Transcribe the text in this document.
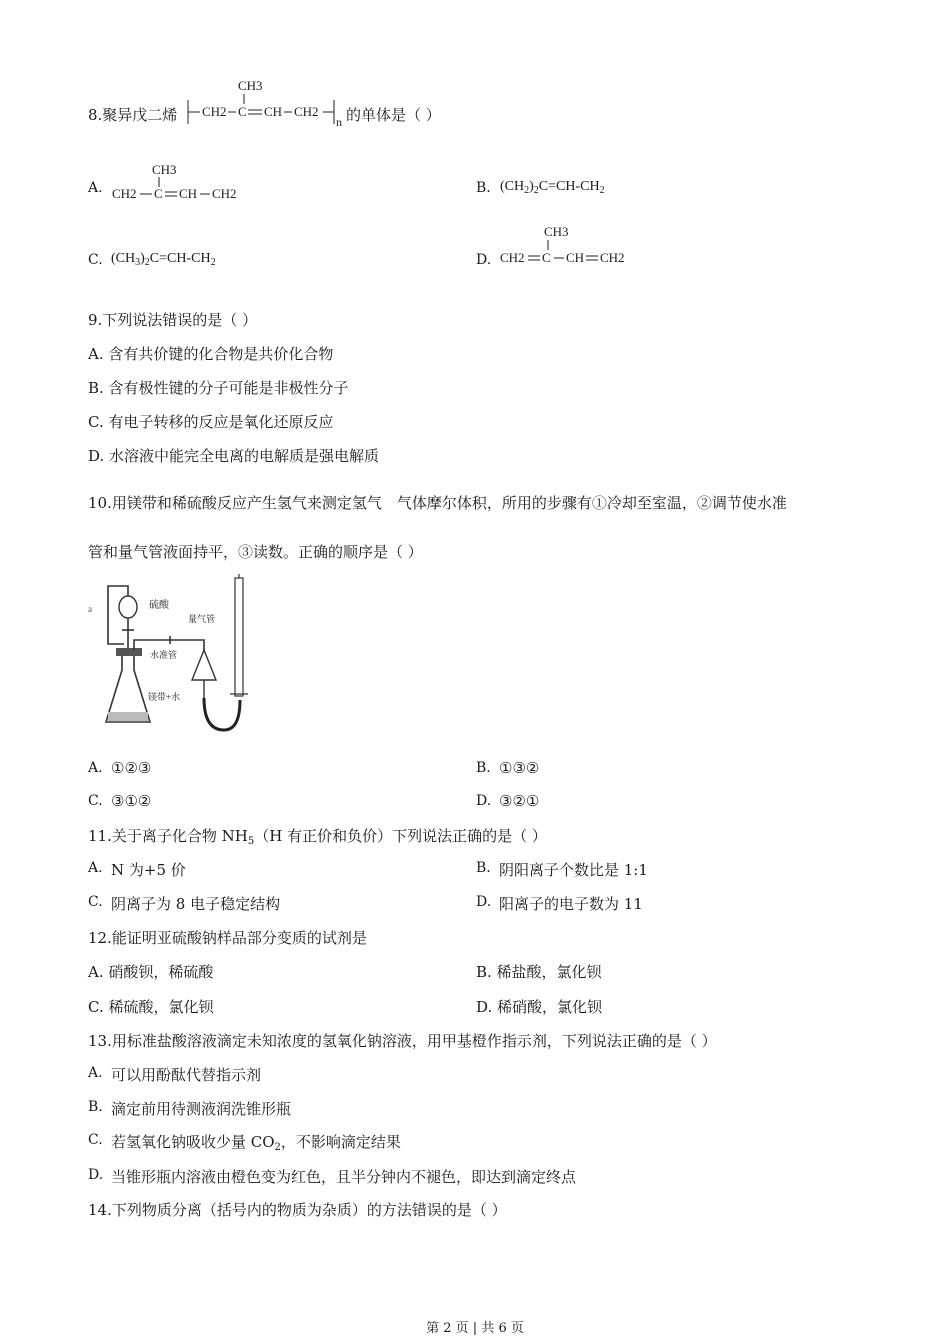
8.聚异戊二烯 CH2 C
CH3
CH CH2
n 的单体是（ ）
A. CH2 C
CH3
CH CH2	B. $(CH_2)_2C=CH-CH_2$
C. $(CH_3)_2C=CH-CH_2$	D. CH2 C
CH3
CH CH2
9.下列说法错误的是（ ）
A. 含有共价键的化合物是共价化合物
B. 含有极性键的分子可能是非极性分子
C. 有电子转移的反应是氧化还原反应
D. 水溶液中能完全电离的电解质是强电解质
10.用镁带和稀硫酸反应产生氢气来测定氢气　气体摩尔体积，所用的步骤有①冷却至室温，②调节使水准
管和量气管液面持平，③读数。正确的顺序是（ ）
a	硫酸
镁带+水
水准管
量气管
A. ①②③	B. ①③②
C. ③①②	D. ③②①
11.关于离子化合物 $NH_5(H$ 有正价和负价）下列说法正确的是（ ）
A. N 为+5 价	B. 阴阳离子个数比是 1:1
C. 阴离子为 8 电子稳定结构	D. 阳离子的电子数为 11
12.能证明亚硫酸钠样品部分变质的试剂是
A. 硝酸钡，稀硫酸	B. 稀盐酸，氯化钡
C. 稀硫酸，氯化钡	D. 稀硝酸，氯化钡
13.用标准盐酸溶液滴定未知浓度的氢氧化钠溶液，用甲基橙作指示剂，下列说法正确的是（ ）
A. 可以用酚酞代替指示剂
B. 滴定前用待测液润洗锥形瓶
C. 若氢氧化钠吸收少量 $CO_2$，不影响滴定结果
D. 当锥形瓶内溶液由橙色变为红色，且半分钟内不褪色，即达到滴定终点
14.下列物质分离（括号内的物质为杂质）的方法错误的是（ ）
第 2 页 | 共 6 页
